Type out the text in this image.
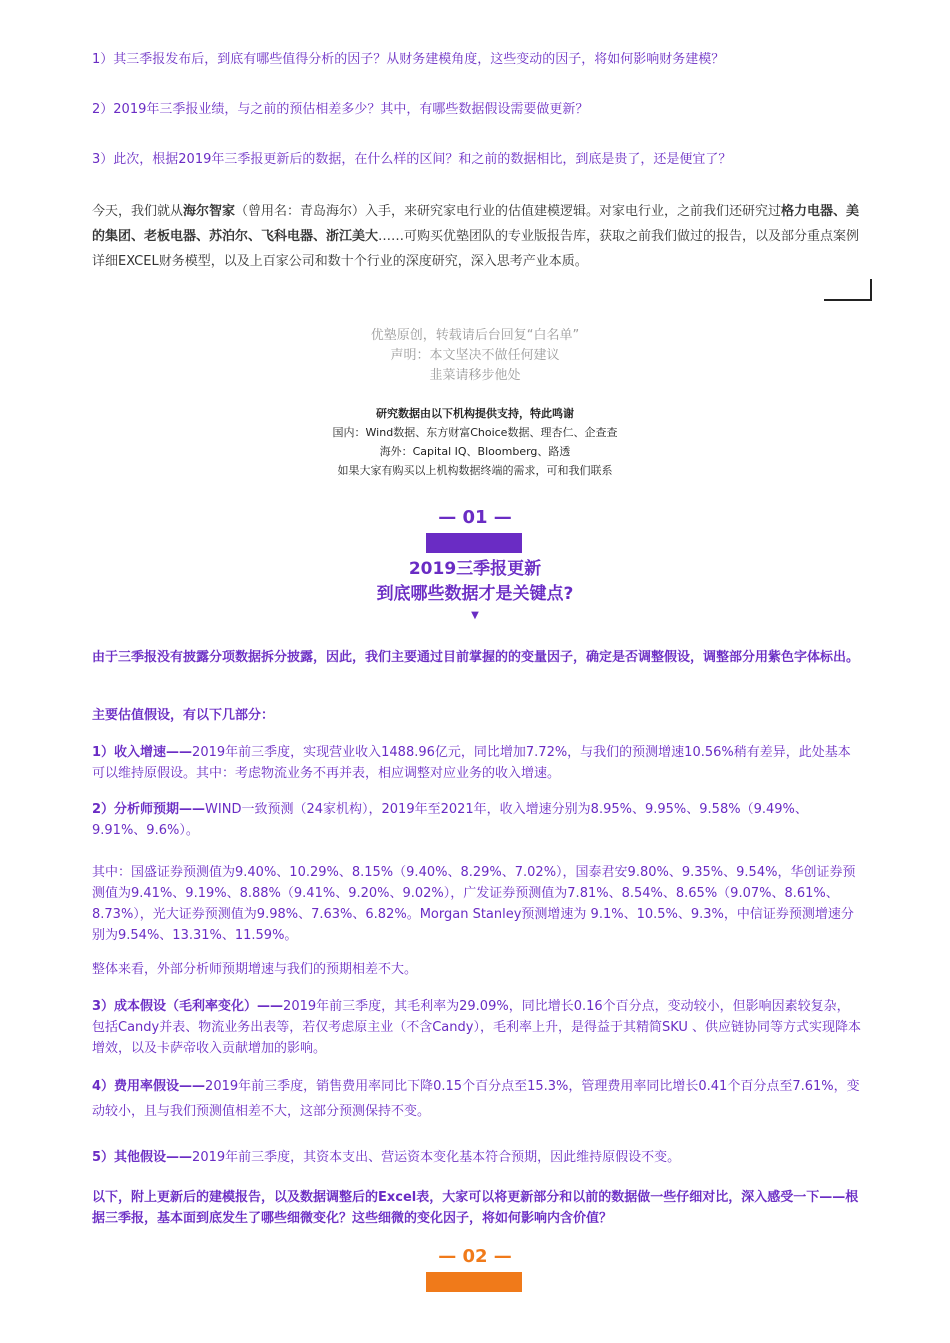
1）其三季报发布后，到底有哪些值得分析的因子？从财务建模角度，这些变动的因子，将如何影响财务建模？

2）2019年三季报业绩，与之前的预估相差多少？其中，有哪些数据假设需要做更新？

3）此次，根据2019年三季报更新后的数据，在什么样的区间？和之前的数据相比，到底是贵了，还是便宜了？

今天，我们就从海尔智家（曾用名：青岛海尔）入手，来研究家电行业的估值建模逻辑。对家电行业，之前我们还研究过格力电器、美的集团、老板电器、苏泊尔、飞科电器、浙江美大……可购买优塾团队的专业版报告库，获取之前我们做过的报告，以及部分重点案例详细EXCEL财务模型，以及上百家公司和数十个行业的深度研究，深入思考产业本质。

优塾原创，转载请后台回复“白名单”

声明：本文坚决不做任何建议

韭菜请移步他处

研究数据由以下机构提供支持，特此鸣谢

国内：Wind数据、东方财富Choice数据、理杏仁、企查查

海外：Capital IQ、Bloomberg、路透

如果大家有购买以上机构数据终端的需求，可和我们联系

— 01 —

2019三季报更新

到底哪些数据才是关键点?

▼

由于三季报没有披露分项数据拆分披露，因此，我们主要通过目前掌握的的变量因子，确定是否调整假设，调整部分用紫色字体标出。

主要估值假设，有以下几部分：

1）收入增速——2019年前三季度，实现营业收入1488.96亿元，同比增加7.72%，与我们的预测增速10.56%稍有差异，此处基本可以维持原假设。其中：考虑物流业务不再并表，相应调整对应业务的收入增速。

2）分析师预期——WIND一致预测（24家机构），2019年至2021年，收入增速分别为8.95%、9.95%、9.58%（9.49%、9.91%、9.6%）。

其中：国盛证券预测值为9.40%、10.29%、8.15%（9.40%、8.29%、7.02%），国泰君安9.80%、9.35%、9.54%，华创证券预测值为9.41%、9.19%、8.88%（9.41%、9.20%、9.02%），广发证券预测值为7.81%、8.54%、8.65%（9.07%、8.61%、8.73%），光大证券预测值为9.98%、7.63%、6.82%。Morgan Stanley预测增速为 9.1%、10.5%、9.3%，中信证券预测增速分别为9.54%、13.31%、11.59%。

整体来看，外部分析师预期增速与我们的预期相差不大。

3）成本假设（毛利率变化）——2019年前三季度，其毛利率为29.09%，同比增长0.16个百分点，变动较小，但影响因素较复杂，包括Candy并表、物流业务出表等，若仅考虑原主业（不含Candy），毛利率上升，是得益于其精简SKU 、供应链协同等方式实现降本增效，以及卡萨帝收入贡献增加的影响。

4）费用率假设——2019年前三季度，销售费用率同比下降0.15个百分点至15.3%，管理费用率同比增长0.41个百分点至7.61%，变动较小，且与我们预测值相差不大，这部分预测保持不变。

5）其他假设——2019年前三季度，其资本支出、营运资本变化基本符合预期，因此维持原假设不变。

以下，附上更新后的建模报告，以及数据调整后的Excel表，大家可以将更新部分和以前的数据做一些仔细对比，深入感受一下——根据三季报，基本面到底发生了哪些细微变化？这些细微的变化因子，将如何影响内含价值？

— 02 —
